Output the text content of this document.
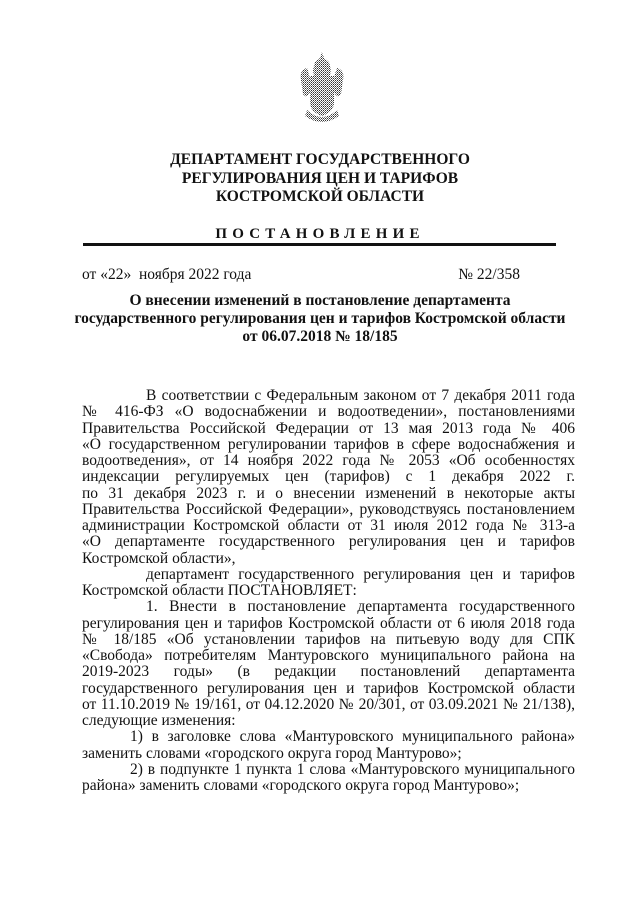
ДЕПАРТАМЕНТ ГОСУДАРСТВЕННОГО
РЕГУЛИРОВАНИЯ ЦЕН И ТАРИФОВ
КОСТРОМСКОЙ ОБЛАСТИ
ПОСТАНОВЛЕНИЕ
от «22»  ноября 2022 года	№ 22/358
О внесении изменений в постановление департамента
государственного регулирования цен и тарифов Костромской области
от 06.07.2018 № 18/185
В соответствии с Федеральным законом от 7 декабря 2011 года
№ 416-ФЗ «О водоснабжении и водоотведении», постановлениями
Правительства Российской Федерации от 13 мая 2013 года № 406
«О государственном регулировании тарифов в сфере водоснабжения и
водоотведения», от 14 ноября 2022 года № 2053 «Об особенностях
индексации регулируемых цен (тарифов) с 1 декабря 2022 г.
по 31 декабря 2023 г. и о внесении изменений в некоторые акты
Правительства Российской Федерации», руководствуясь постановлением
администрации Костромской области от 31 июля 2012 года № 313-а
«О департаменте государственного регулирования цен и тарифов
Костромской области»,
департамент государственного регулирования цен и тарифов
Костромской области ПОСТАНОВЛЯЕТ:
1. Внести в постановление департамента государственного
регулирования цен и тарифов Костромской области от 6 июля 2018 года
№ 18/185 «Об установлении тарифов на питьевую воду для СПК
«Свобода» потребителям Мантуровского муниципального района на
2019-2023 годы» (в редакции постановлений департамента
государственного регулирования цен и тарифов Костромской области
от 11.10.2019 № 19/161, от 04.12.2020 № 20/301, от 03.09.2021 № 21/138),
следующие изменения:
1) в заголовке слова «Мантуровского муниципального района»
заменить словами «городского округа город Мантурово»;
2) в подпункте 1 пункта 1 слова «Мантуровского муниципального
района» заменить словами «городского округа город Мантурово»;
